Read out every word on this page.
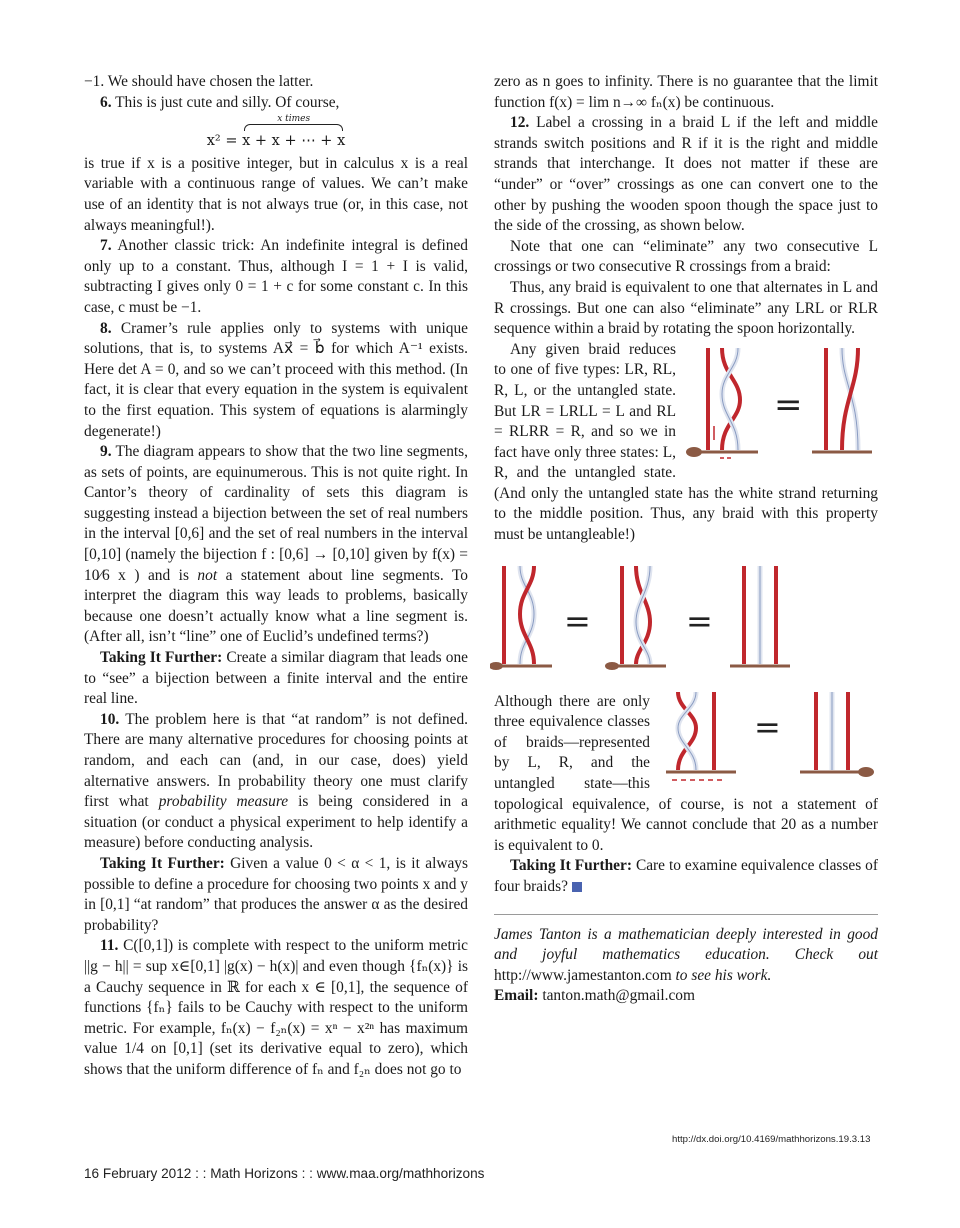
−1. We should have chosen the latter.

6. This is just cute and silly. Of course,

x² =
x times
x + x + ⋯ + x

is true if x is a positive integer, but in calculus x is a real variable with a continuous range of values. We can’t make use of an identity that is not always true (or, in this case, not always meaningful!).

7. Another classic trick: An indefinite integral is defined only up to a constant. Thus, although I = 1 + I is valid, subtracting I gives only 0 = 1 + c for some constant c. In this case, c must be −1.

8. Cramer’s rule applies only to systems with unique solutions, that is, to systems Ax⃗ = b⃗ for which A⁻¹ exists. Here det A = 0, and so we can’t proceed with this method. (In fact, it is clear that every equation in the system is equivalent to the first equation. This system of equations is alarmingly degenerate!)

9. The diagram appears to show that the two line segments, as sets of points, are equinumerous. This is not quite right. In Cantor’s theory of cardinality of sets this diagram is suggesting instead a bijection between the set of real numbers in the interval [0,6] and the set of real numbers in the interval [0,10] (namely the bijection f : [0,6] → [0,10] given by f(x) = 10⁄6 x ) and is not a statement about line segments. To interpret the diagram this way leads to problems, basically because one doesn’t actually know what a line segment is. (After all, isn’t “line” one of Euclid’s undefined terms?)

Taking It Further: Create a similar diagram that leads one to “see” a bijection between a finite interval and the entire real line.

10. The problem here is that “at random” is not defined. There are many alternative procedures for choosing points at random, and each can (and, in our case, does) yield alternative answers. In probability theory one must clarify first what probability measure is being considered in a situation (or conduct a physical experiment to help identify a measure) before conducting analysis.

Taking It Further: Given a value 0 < α < 1, is it always possible to define a procedure for choosing two points x and y in [0,1] “at random” that produces the answer α as the desired probability?

11. C([0,1]) is complete with respect to the uniform metric ||g − h|| = sup x∈[0,1] |g(x) − h(x)| and even though {fₙ(x)} is a Cauchy sequence in ℝ for each x ∈ [0,1], the sequence of functions {fₙ} fails to be Cauchy with respect to the uniform metric. For example, fₙ(x) − f₂ₙ(x) = xⁿ − x²ⁿ has maximum value 1/4 on [0,1] (set its derivative equal to zero), which shows that the uniform difference of fₙ and f₂ₙ does not go to

zero as n goes to infinity. There is no guarantee that the limit function f(x) = lim n→∞ fₙ(x) be continuous.

12. Label a crossing in a braid L if the left and middle strands switch positions and R if it is the right and middle strands that interchange. It does not matter if these are “under” or “over” crossings as one can convert one to the other by pushing the wooden spoon though the space just to the side of the crossing, as shown below.

Note that one can “eliminate” any two consecutive L crossings or two consecutive R crossings from a braid:

Thus, any braid is equivalent to one that alternates in L and R crossings. But one can also “eliminate” any LRL or RLR sequence within a braid by rotating the spoon horizontally.

=
Any given braid reduces to one of five types: LR, RL, R, L, or the untangled state. But LR = LRLL = L and RL = RLRR = R, and so we in fact have only three states: L, R, and the untangled state. (And only the untangled state has the white strand returning to the middle position. Thus, any braid with this property must be untangleable!)

=	=
=
Although there are only three equivalence classes of braids—represented by L, R, and the untangled state—this topological equivalence, of course, is not a statement of arithmetic equality! We cannot conclude that 20 as a number is equivalent to 0.

Taking It Further: Care to examine equivalence classes of four braids?

James Tanton is a mathematician deeply interested in good and joyful mathematics education. Check out http://www.jamestanton.com to see his work.

Email: tanton.math@gmail.com

http://dx.doi.org/10.4169/mathhorizons.19.3.13
16 February 2012 : : Math Horizons : : www.maa.org/mathhorizons
